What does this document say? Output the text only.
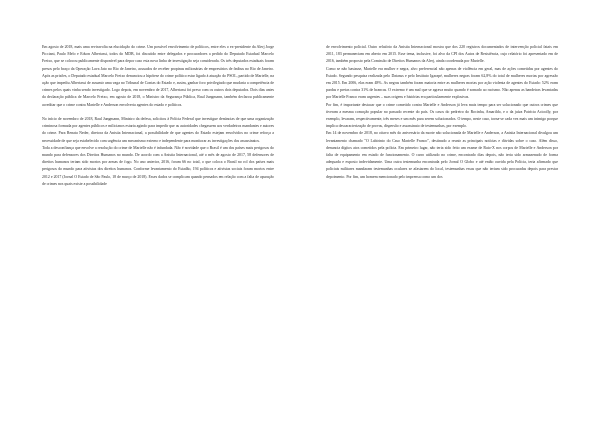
Em agosto de 2018, mais uma reviravolta na elucidação do crime. Um possível envolvimento de políticos, entre eles o ex-presidente da Alerj Jorge Picciani, Paulo Melo e Edson Albertassi, todos do MDB, foi discutido entre delegados e procuradores a pedido do Deputado Estadual Marcelo Freixo, que se colocou publicamente disponível para depor caso esta nova linha de investigação seja considerada. Os três deputados estaduais foram presos pelo braço da Operação Lava Jato no Rio de Janeiro, acusados de receber propinas milionárias de empresários de ônibus no Rio de Janeiro. Após as prisões, o Deputado estadual Marcelo Freixo denunciou a hipótese do crime político estar ligado à atuação do PSOL, partido de Marielle, na ação que impediu Albertassi de assumir uma vaga no Tribunal de Contas do Estado e, assim, ganhar foro privilegiado que mudaria a competência de crimes pelos quais vinha sendo investigado. Logo depois, em novembro de 2017, Albertassi foi preso com os outros dois deputados. Dois dias antes da declaração pública de Marcelo Freixo, em agosto de 2018, o Ministro da Segurança Pública, Raul Jungmann, também declarou publicamente acreditar que o crime contra Marielle e Anderson envolveria agentes do estado e políticos.

No início de novembro de 2018, Raul Jungmann, Ministro da defesa, solicitou à Polícia Federal que investigue denúncias de que uma organização criminosa formada por agentes públicos e milicianos estaria agindo para impedir que as autoridades chegassem aos verdadeiros mandantes e autores do crime. Para Renata Neder, diretora da Anistia Internacional, a possibilidade de que agentes do Estado estejam envolvidos no crime reforça a necessidade de que seja estabelecido com urgência um mecanismo externo e independente para monitorar as investigações dos assassinatos.

Toda a desconfiança que envolve a resolução do crime de Marielle não é infundada. Não é novidade que o Brasil é um dos países mais perigosos do mundo para defensores dos Direitos Humanos no mundo. De acordo com a Anistia Internacional, até o mês de agosto de 2017, 58 defensores de direitos humanos teriam sido mortos por armas de fogo. No ano anterior, 2016, foram 66 no total, o que coloca o Brasil no rol dos países mais perigosos do mundo para ativistas dos direitos humanos. Conforme levantamento do Estadão, 194 políticos e ativistas sociais foram mortos entre 2012 e 2017 (Jornal O Estado de São Paulo, 18 de março de 2018). Esses dados se complicam quando pensados em relação com a falta de apuração de crimes nos quais existe a possibilidade

de envolvimento policial. Outro relatório da Anistia Internacional mostra que dos 220 registros documentados de intervenção policial fatais em 2011, 183 permaneciam em aberto em 2015. Esse tema, inclusive, foi alvo da CPI dos Autos de Resistência, cujo relatório foi apresentado em de 2016, também proposto pela Comissão de Direitos Humanos da Alerj, ainda coordenada por Marielle.

Como se não bastasse, Marielle era mulher e negra, alvo preferencial não apenas de violência em geral, mas de ações cometidas por agentes do Estado. Segundo pesquisa realizada pelo Datasus e pelo Instituto Igarapé, mulheres negras foram 62,8% do total de mulheres mortas por agressão em 2015. Em 2006, elas eram 48%. As negras também foram maioria entre as mulheres mortas por ação violenta de agentes do Estado: 52% eram pardas e pretas contra 31% de brancas. O extremo é um mal que se agrava muito quando é somado ao racismo. Não apenas as bandeiras levantadas por Marielle Franco eram urgentes – suas origens e histórias era particularmente explosivas.

Por fim, é importante destacar que o crime cometido contra Marielle e Anderson já leva mais tempo para ser solucionado que outros crimes que tiveram a mesma comoção popular no passado recente do país. Os casos do pedreiro do Rocinha, Amarildo, e o da juíza Patrícia Acioolly, por exemplo, levaram, respectivamente, três meses e um mês para serem solucionados. O tempo, neste caso, torna-se cada vez mais um inimigo porque implica descaracterização de provas, dispersão e assassinato de testemunhas, por exemplo.

Em 14 de novembro de 2018, no oitavo mês do aniversário da morte não solucionada de Marielle e Anderson, a Anistia Internacional divulgou um levantamento chamado "O Labirinto do Caso Marielle Franco", destinado a reunir as principais notícias e dúvidas sobre o caso. Além disso, denuncia dígitos atos cometidos pela polícia. Em primeiro lugar, não teria sido feito um exame de Raio-X nos corpos de Marielle e Anderson por falta de equipamento em estado de funcionamento. O carro utilizado no crime, encontrado dias depois, não teria sido armazenado de forma adequada e exposto indevidamente. Uma outra testemunha encontrada pelo Jornal O Globo e até então ouvida pela Polícia, teria afirmado que policiais militares mandaram testemunhas oculares se afastarem do local, testemunhas essas que não teriam sido procuradas depois para prestar depoimento. Por fim, um homem mencionado pelo imprensa como um dos
